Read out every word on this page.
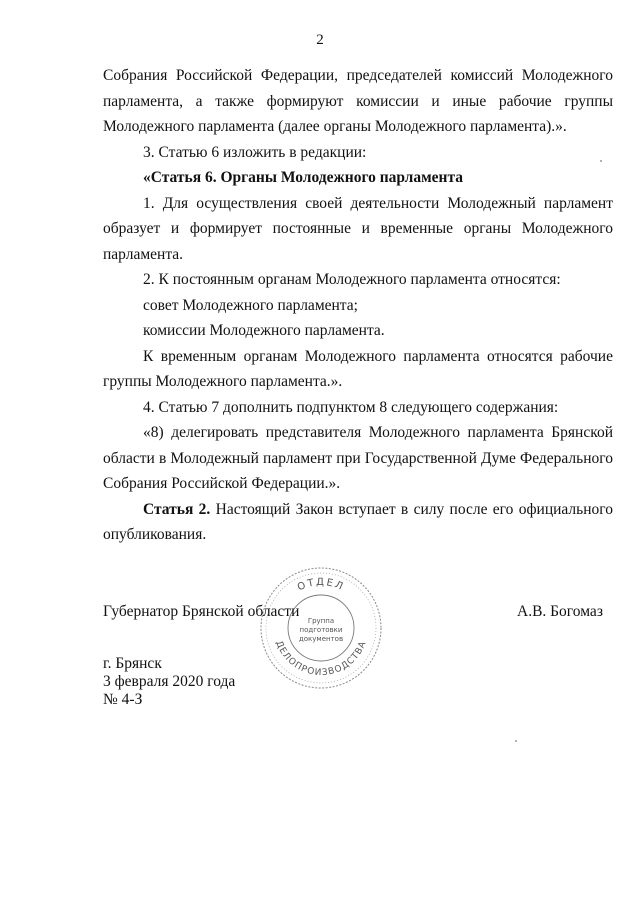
2

Собрания Российской Федерации, председателей комиссий Молодежного

парламента, а также формируют комиссии и иные рабочие группы

Молодежного парламента (далее органы Молодежного парламента).».

3. Статью 6 изложить в редакции:

«Статья 6. Органы Молодежного парламента

1. Для осуществления своей деятельности Молодежный парламент

образует и формирует постоянные и временные органы Молодежного

парламента.

2. К постоянным органам Молодежного парламента относятся:

совет Молодежного парламента;

комиссии Молодежного парламента.

К временным органам Молодежного парламента относятся рабочие

группы Молодежного парламента.».

4. Статью 7 дополнить подпунктом 8 следующего содержания:

«8) делегировать представителя Молодежного парламента Брянской

области в Молодежный парламент при Государственной Думе Федерального

Собрания Российской Федерации.».

Статья 2. Настоящий Закон вступает в силу после его официального

опубликования.

ОТДЕЛ
ДЕЛОПРОИЗВОДСТВА
Группа
подготовки
документов
Губернатор Брянской области	А.В. Богомаз
г. Брянск
3 февраля 2020 года
№ 4-З
